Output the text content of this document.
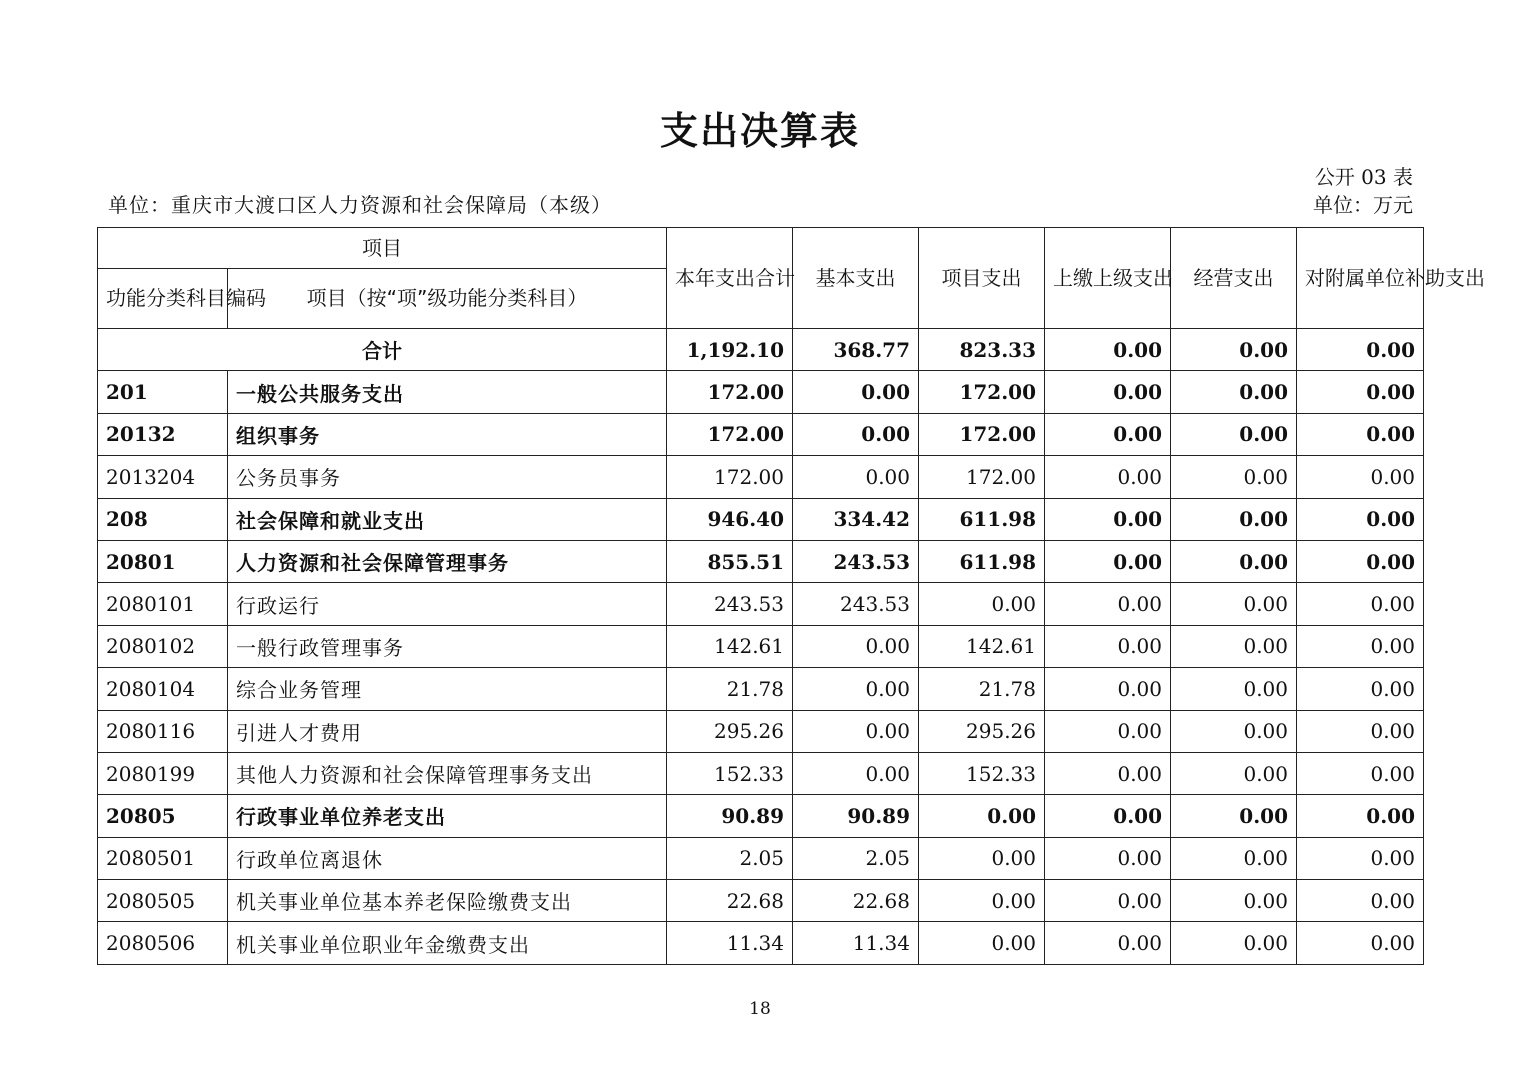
支出决算表
公开 03 表
单位：重庆市大渡口区人力资源和社会保障局（本级）	单位：万元
项目		本年支出合计	基本支出	项目支出	上缴上级支出	经营支出	对附属单位补助支出
功能分类科目编码	项目（按“项”级功能分类科目）						
合计		1,192.10	368.77	823.33	0.00	0.00	0.00
201	一般公共服务支出	172.00	0.00	172.00	0.00	0.00	0.00
20132	组织事务	172.00	0.00	172.00	0.00	0.00	0.00
2013204	公务员事务	172.00	0.00	172.00	0.00	0.00	0.00
208	社会保障和就业支出	946.40	334.42	611.98	0.00	0.00	0.00
20801	人力资源和社会保障管理事务	855.51	243.53	611.98	0.00	0.00	0.00
2080101	行政运行	243.53	243.53	0.00	0.00	0.00	0.00
2080102	一般行政管理事务	142.61	0.00	142.61	0.00	0.00	0.00
2080104	综合业务管理	21.78	0.00	21.78	0.00	0.00	0.00
2080116	引进人才费用	295.26	0.00	295.26	0.00	0.00	0.00
2080199	其他人力资源和社会保障管理事务支出	152.33	0.00	152.33	0.00	0.00	0.00
20805	行政事业单位养老支出	90.89	90.89	0.00	0.00	0.00	0.00
2080501	行政单位离退休	2.05	2.05	0.00	0.00	0.00	0.00
2080505	机关事业单位基本养老保险缴费支出	22.68	22.68	0.00	0.00	0.00	0.00
2080506	机关事业单位职业年金缴费支出	11.34	11.34	0.00	0.00	0.00	0.00
18
